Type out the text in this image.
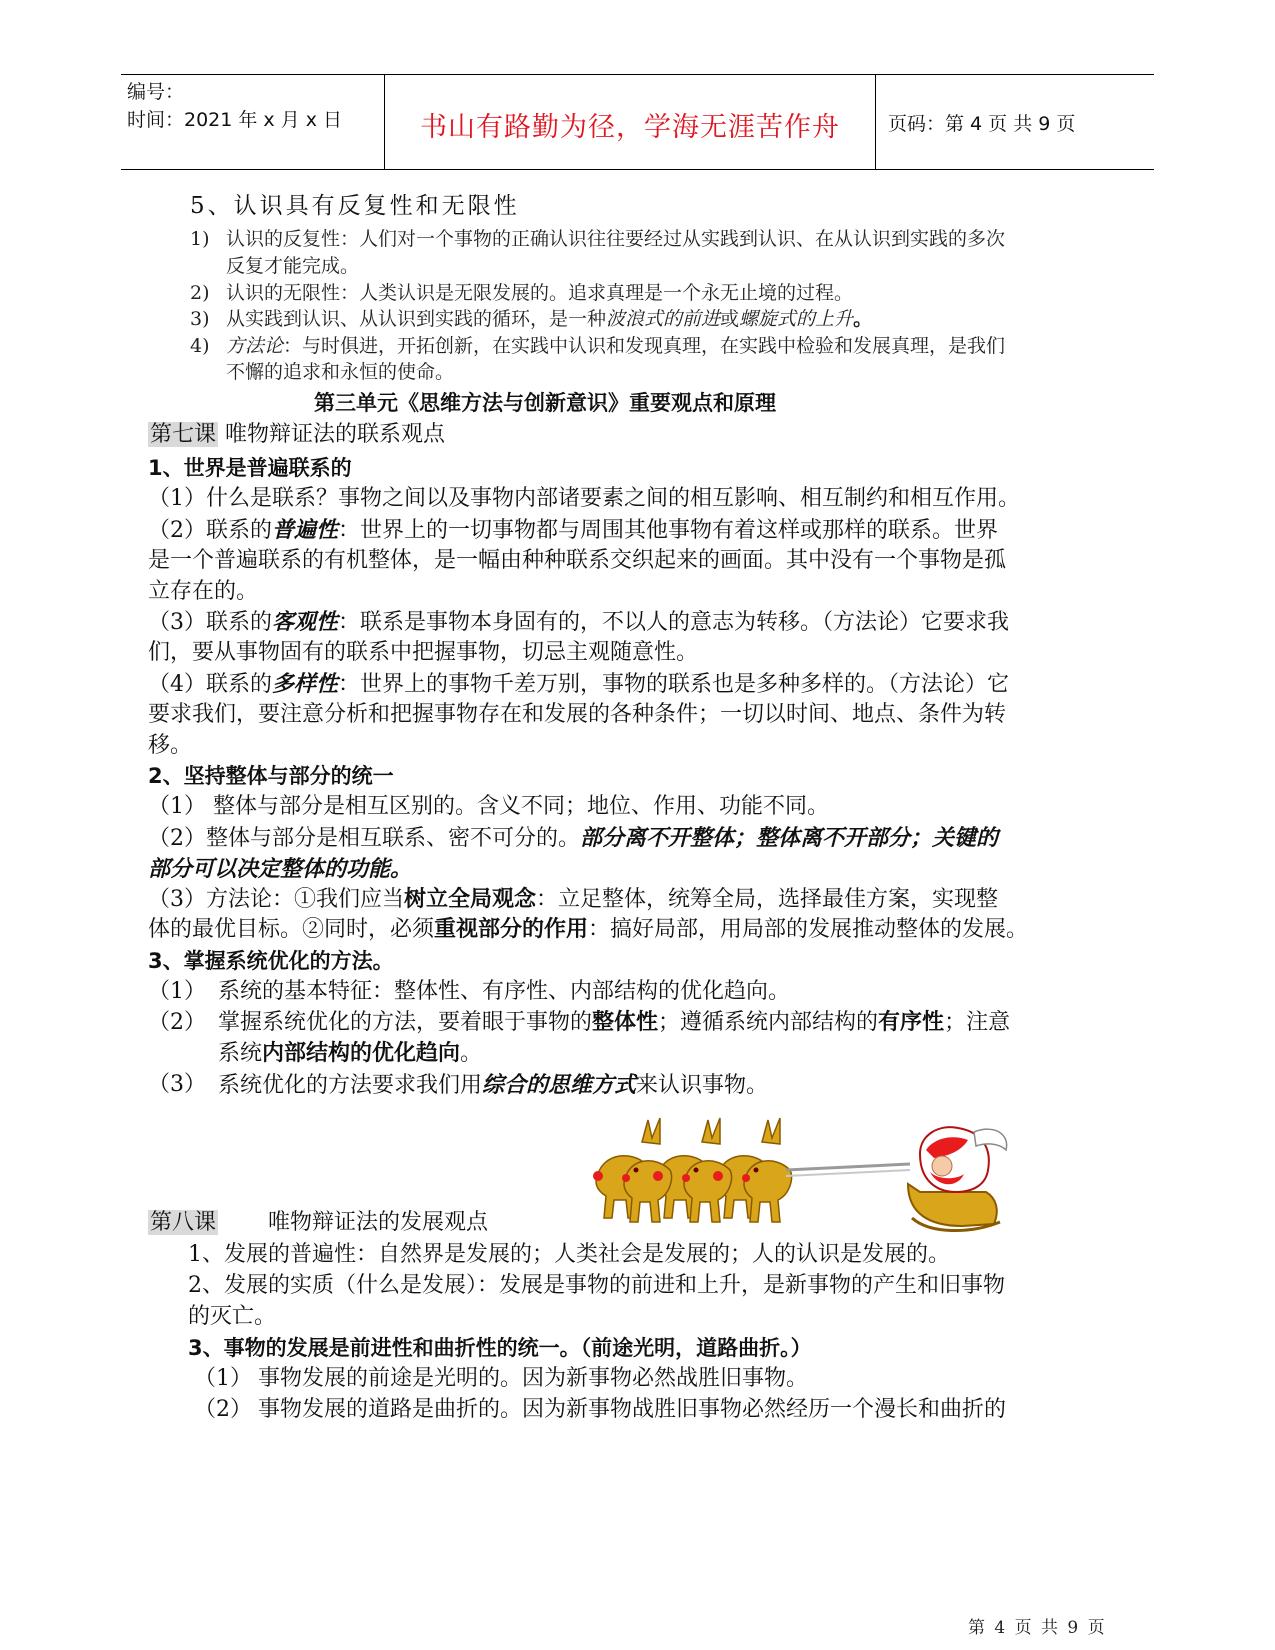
编号：
时间：2021 年 x 月 x 日	书山有路勤为径，学海无涯苦作舟	页码：第 4 页 共 9 页
5、认识具有反复性和无限性
1) 认识的反复性：人们对一个事物的正确认识往往要经过从实践到认识、在从认识到实践的多次
反复才能完成。
2) 认识的无限性：人类认识是无限发展的。追求真理是一个永无止境的过程。
3) 从实践到认识、从认识到实践的循环，是一种波浪式的前进或螺旋式的上升。
4) 方法论：与时俱进，开拓创新，在实践中认识和发现真理，在实践中检验和发展真理，是我们
不懈的追求和永恒的使命。
第三单元《思维方法与创新意识》重要观点和原理
第七课 唯物辩证法的联系观点
1、世界是普遍联系的
（1）什么是联系？事物之间以及事物内部诸要素之间的相互影响、相互制约和相互作用。
（2）联系的普遍性：世界上的一切事物都与周围其他事物有着这样或那样的联系。世界
是一个普遍联系的有机整体，是一幅由种种联系交织起来的画面。其中没有一个事物是孤
立存在的。
（3）联系的客观性：联系是事物本身固有的，不以人的意志为转移。（方法论）它要求我
们，要从事物固有的联系中把握事物，切忌主观随意性。
（4）联系的多样性：世界上的事物千差万别，事物的联系也是多种多样的。（方法论）它
要求我们，要注意分析和把握事物存在和发展的各种条件；一切以时间、地点、条件为转
移。
2、坚持整体与部分的统一
（1） 整体与部分是相互区别的。含义不同；地位、作用、功能不同。
（2）整体与部分是相互联系、密不可分的。部分离不开整体；整体离不开部分；关键的
部分可以决定整体的功能。
（3）方法论：①我们应当树立全局观念：立足整体，统筹全局，选择最佳方案，实现整
体的最优目标。②同时，必须重视部分的作用：搞好局部，用局部的发展推动整体的发展。
3、掌握系统优化的方法。
（1） 系统的基本特征：整体性、有序性、内部结构的优化趋向。
（2） 掌握系统优化的方法，要着眼于事物的整体性；遵循系统内部结构的有序性；注意
系统内部结构的优化趋向。
（3） 系统优化的方法要求我们用综合的思维方式来认识事物。
第八课 唯物辩证法的发展观点
1、发展的普遍性：自然界是发展的；人类社会是发展的；人的认识是发展的。
2、发展的实质（什么是发展）：发展是事物的前进和上升，是新事物的产生和旧事物
的灭亡。
3、事物的发展是前进性和曲折性的统一。（前途光明，道路曲折。）
（1） 事物发展的前途是光明的。因为新事物必然战胜旧事物。
（2） 事物发展的道路是曲折的。因为新事物战胜旧事物必然经历一个漫长和曲折的
第 4 页 共 9 页
